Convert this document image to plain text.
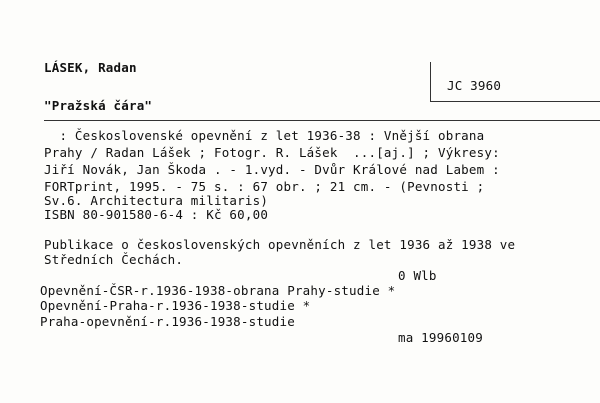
LÁSEK, Radan
JC 3960
"Pražská čára"
: Československé opevnění z let 1936-38 : Vnější obrana
Prahy / Radan Lášek ; Fotogr. R. Lášek  ...[aj.] ; Výkresy:
Jiří Novák, Jan Škoda . - 1.vyd. - Dvůr Králové nad Labem :
FORTprint, 1995. - 75 s. : 67 obr. ; 21 cm. - (Pevnosti ;
Sv.6. Architectura militaris)
ISBN 80-901580-6-4 : Kč 60,00
Publikace o československých opevněních z let 1936 až 1938 ve
Středních Čechách.
0 Wlb
Opevnění-ČSR-r.1936-1938-obrana Prahy-studie *
Opevnění-Praha-r.1936-1938-studie *
Praha-opevnění-r.1936-1938-studie
ma 19960109
